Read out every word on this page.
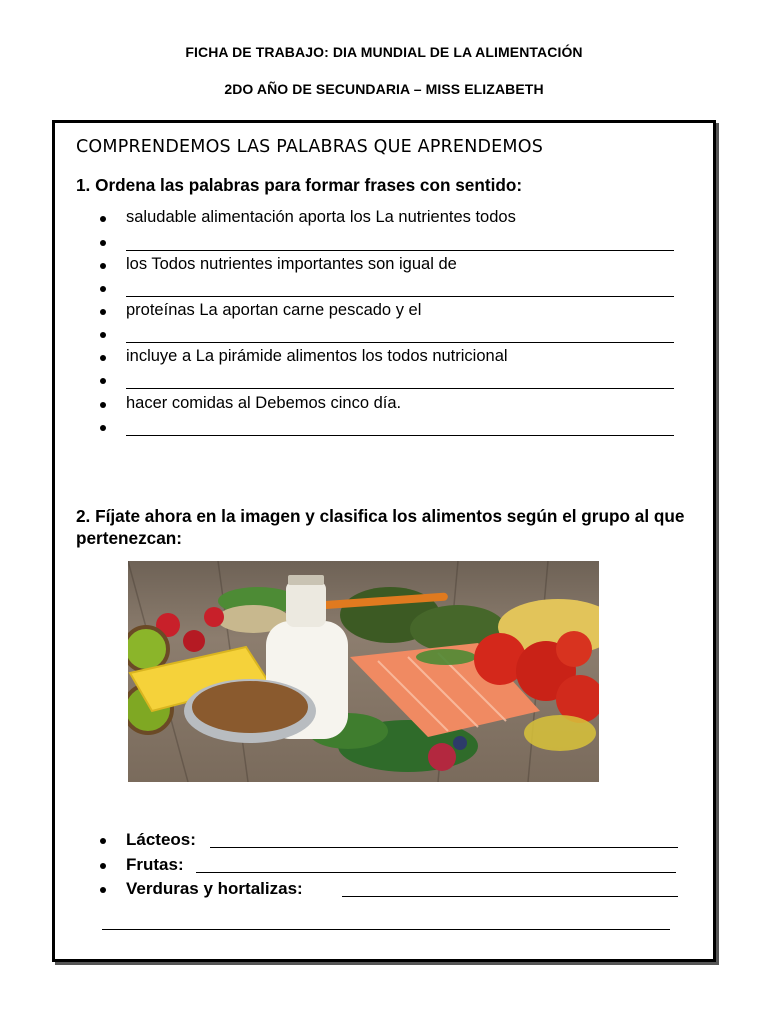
FICHA DE TRABAJO: DIA MUNDIAL DE LA ALIMENTACIÓN
2DO AÑO DE SECUNDARIA – MISS ELIZABETH
COMPRENDEMOS LAS PALABRAS QUE APRENDEMOS
1. Ordena las palabras para formar frases con sentido:
saludable alimentación aporta los La nutrientes todos
los Todos nutrientes importantes son igual de
proteínas La aportan carne pescado y el
incluye a La pirámide alimentos los todos nutricional
hacer comidas al Debemos cinco día.
2. Fíjate ahora en la imagen y clasifica los alimentos según el grupo al que pertenezcan:
Lácteos:
Frutas:
Verduras y hortalizas:
